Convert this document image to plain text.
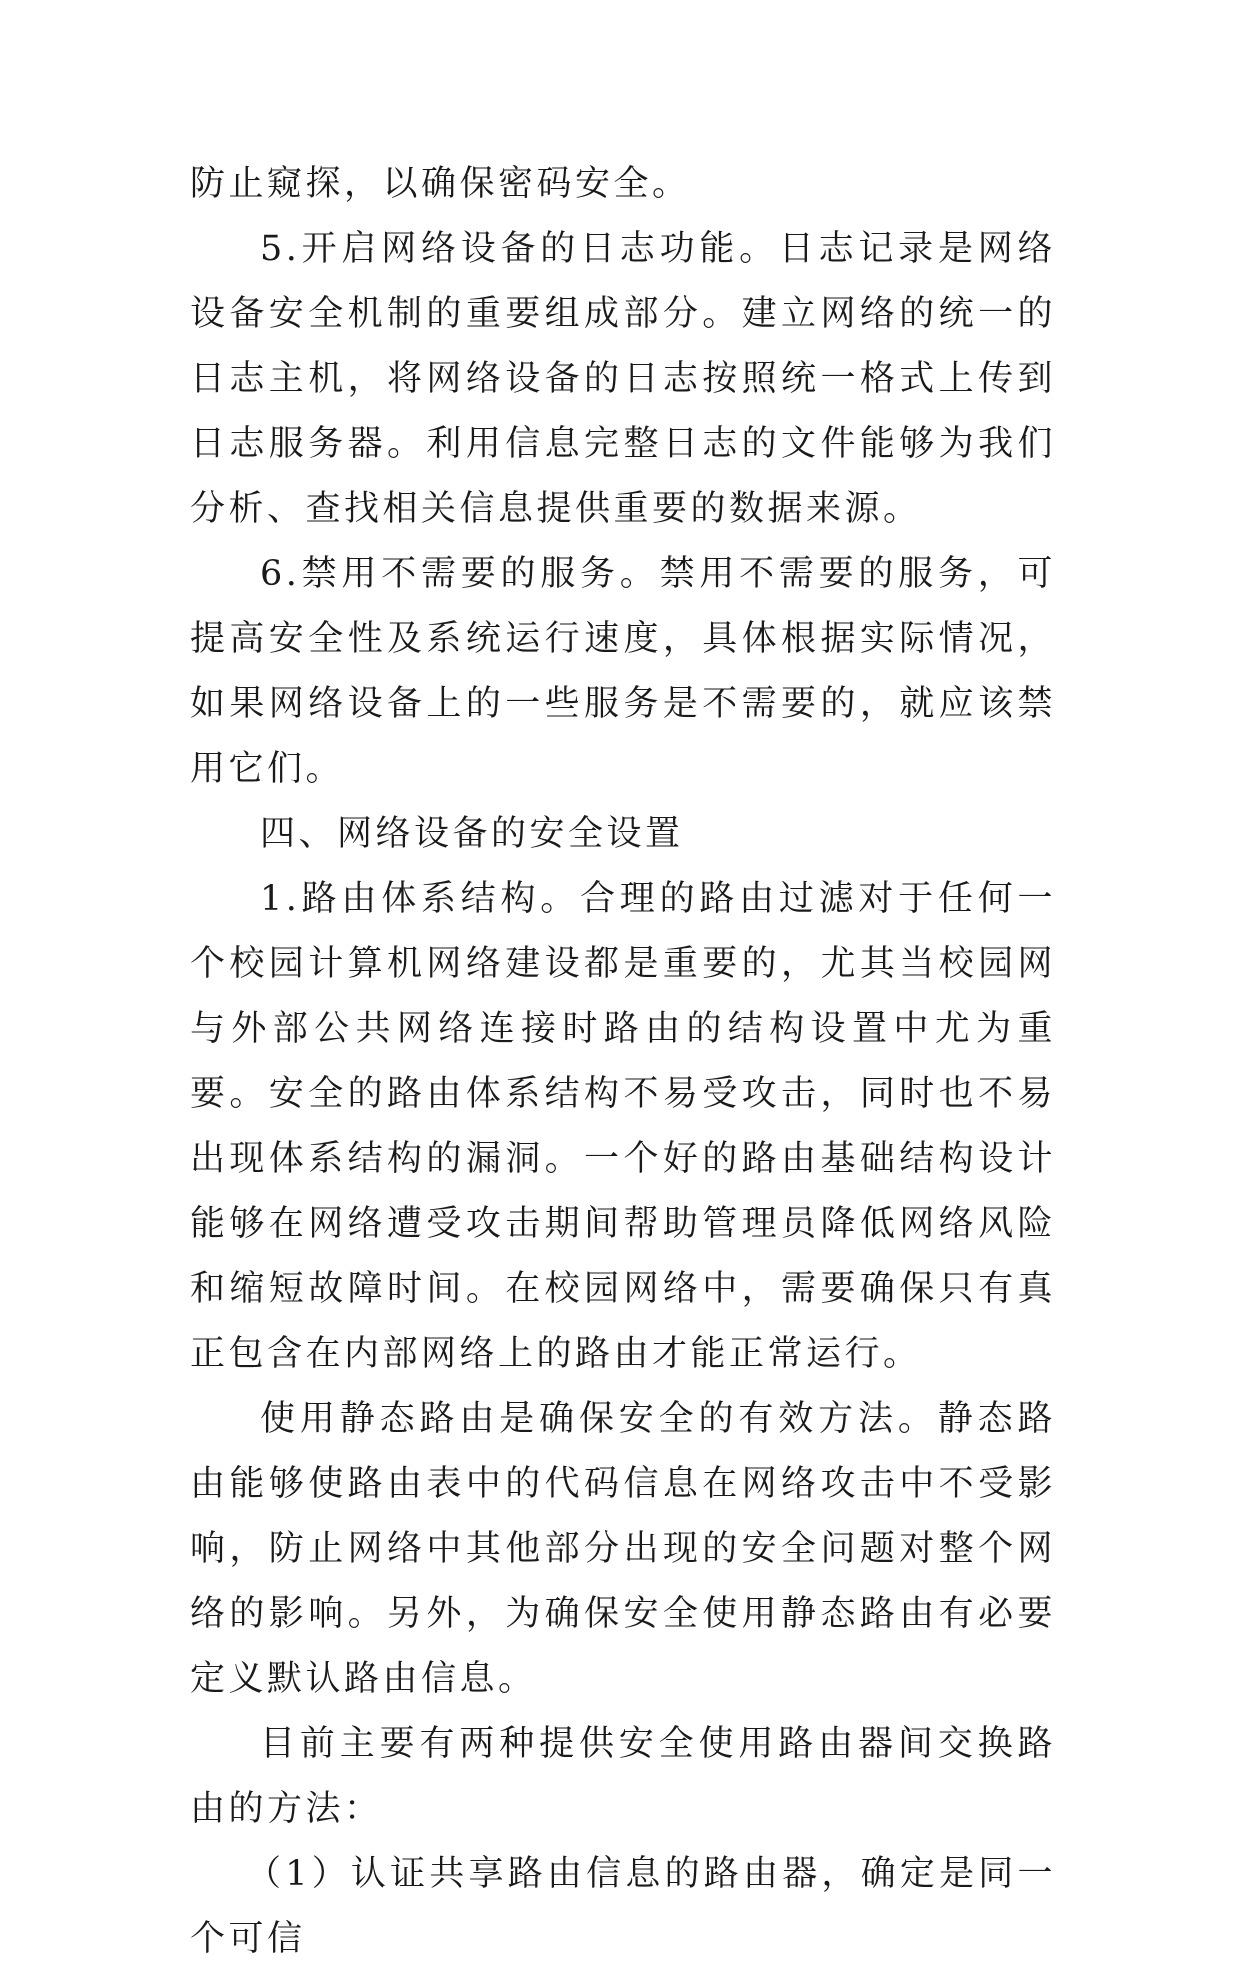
防止窥探，以确保密码安全。

5.开启网络设备的日志功能。日志记录是网络设备安全机制的重要组成部分。建立网络的统一的日志主机，将网络设备的日志按照统一格式上传到日志服务器。利用信息完整日志的文件能够为我们分析、查找相关信息提供重要的数据来源。

6.禁用不需要的服务。禁用不需要的服务，可提高安全性及系统运行速度，具体根据实际情况，如果网络设备上的一些服务是不需要的，就应该禁用它们。

四、网络设备的安全设置

1.路由体系结构。合理的路由过滤对于任何一个校园计算机网络建设都是重要的，尤其当校园网与外部公共网络连接时路由的结构设置中尤为重要。安全的路由体系结构不易受攻击，同时也不易出现体系结构的漏洞。一个好的路由基础结构设计能够在网络遭受攻击期间帮助管理员降低网络风险和缩短故障时间。在校园网络中，需要确保只有真正包含在内部网络上的路由才能正常运行。

使用静态路由是确保安全的有效方法。静态路由能够使路由表中的代码信息在网络攻击中不受影响，防止网络中其他部分出现的安全问题对整个网络的影响。另外，为确保安全使用静态路由有必要定义默认路由信息。

目前主要有两种提供安全使用路由器间交换路由的方法：

（1）认证共享路由信息的路由器，确定是同一个可信
